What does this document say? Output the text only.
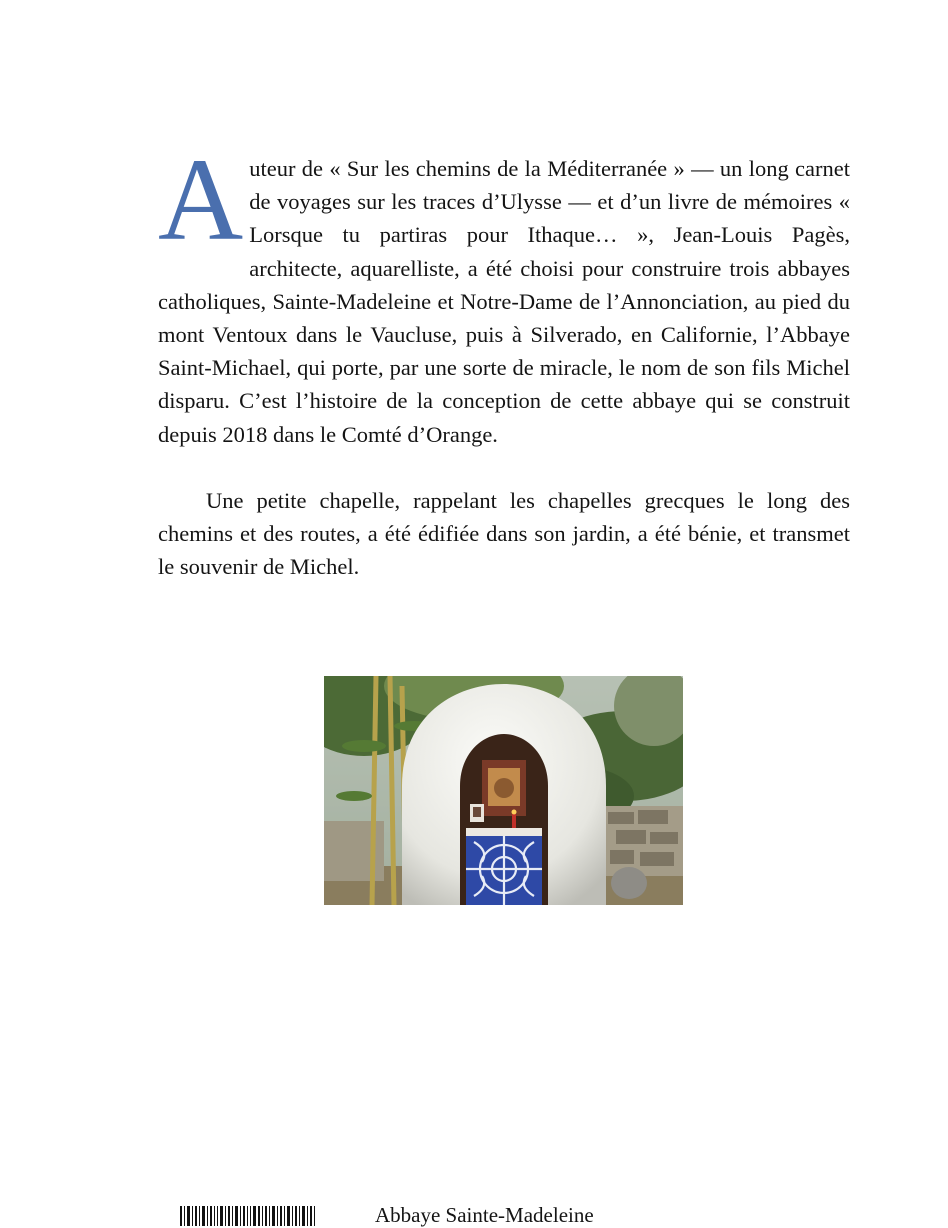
Auteur de « Sur les chemins de la Méditerranée » — un long carnet de voyages sur les traces d’Ulysse — et d’un livre de mémoires « Lorsque tu partiras pour Ithaque… », Jean-Louis Pagès, architecte, aquarelliste, a été choisi pour construire trois abbayes catholiques, Sainte-Madeleine et Notre-Dame de l’Annonciation, au pied du mont Ventoux dans le Vaucluse, puis à Silverado, en Californie, l’Abbaye Saint-Michael, qui porte, par une sorte de miracle, le nom de son fils Michel disparu. C’est l’histoire de la conception de cette abbaye qui se construit depuis 2018 dans le Comté d’Orange.

Une petite chapelle, rappelant les chapelles grecques le long des chemins et des routes, a été édifiée dans son jardin, a été bénie, et transmet le souvenir de Michel.

Abbaye Sainte-Madeleine
